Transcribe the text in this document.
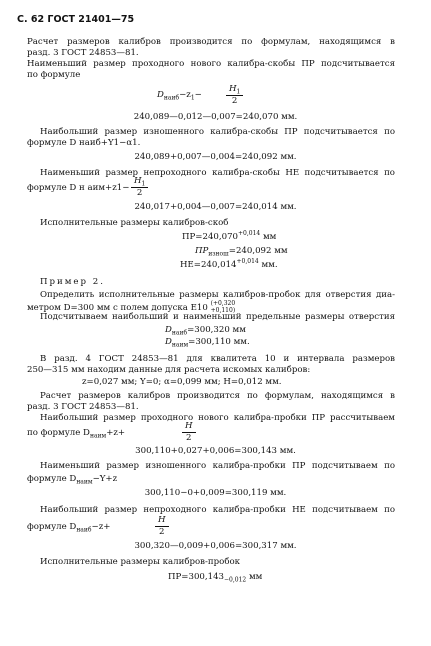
С. 62 ГОСТ 21401—75
Расчет размеров калибров производится по формулам, находящимся в
разд. 3 ГОСТ 24853—81.
Наименьший размер проходного нового калибра-скобы ПР подсчитывается
по формуле
$D_{наиб}-z_1-$	$\frac{H_1}{2}$
240,089—0,012—0,007=240,070 мм.
Наибольший размер изношенного калибра-скобы ПР подсчитывается по
формуле D наиб+Y1−α1.
240,089+0,007—0,004=240,092 мм.
Наименьший размер непроходного калибра-скобы НЕ подсчитывается по
формуле D н $аим+z1- \frac{H_1}{2}$
240,017+0,004—0,007=240,014 мм.
Исполнительные размеры калибров-скоб
$ПР=240,070^{+0,014}$ мм
$ПР_{изнош}=240,092$ мм
$НЕ=240,014^{+0,014}$ мм.
Пример 2.
Определить исполнительные размеры калибров-пробок для отверстия диа-
метром D=300 мм с полем допуска E10 (+0,320
+0,110)
Подсчитываем наибольший и наименьший предельные размеры отверстия
$D_{наиб}=300,320$ мм
$D_{наим}=300,110$ мм.
В разд. 4 ГОСТ 24853—81 для квалитета 10 и интервала размеров
250—315 мм находим данные для расчета искомых калибров:
z=0,027 мм; Y=0; α=0,099 мм; H=0,012 мм.
Расчет размеров калибров производится по формулам, находящимся в
разд. 3 ГОСТ 24853—81.
Наибольший размер проходного нового калибра-пробки ПР рассчитываем
по формуле $D_{наим}+z+$	$\frac{H}{2}$
300,110+0,027+0,006=300,143 мм.
Наименьший размер изношенного калибра-пробки ПР подсчитываем по
формуле $D_{наим}-Y+z$
300,110−0+0,009=300,119 мм.
Наибольший размер непроходного калибра-пробки НЕ подсчитываем по
формуле $D_{наиб}-z+$	$\frac{H}{2}$
300,320—0,009+0,006=300,317 мм.
Исполнительные размеры калибров-пробок
$ПР=300,143_{-0,012}$ мм
